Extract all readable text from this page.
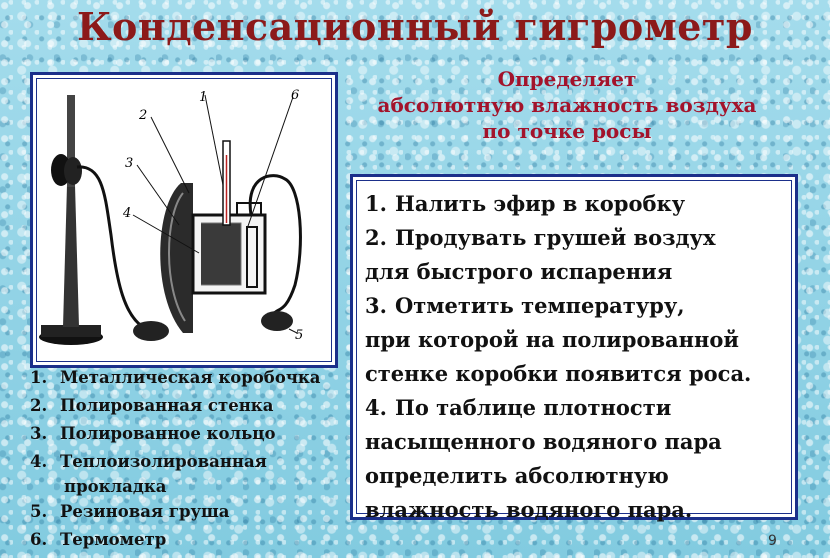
Конденсационный гигрометр
Определяет
абсолютную влажность воздуха
по точке росы
1
2
3
4
5
6
1. Налить эфир в коробку
2. Продувать грушей воздух
для быстрого испарения
3. Отметить температуру,
при которой на полированной
стенке коробки появится роса.
4. По таблице плотности
насыщенного водяного пара
определить абсолютную
влажность водяного пара.
1. Металлическая коробочка
2. Полированная стенка
3. Полированное кольцо
4. Теплоизолированная
прокладка
5. Резиновая груша
6. Термометр	9
